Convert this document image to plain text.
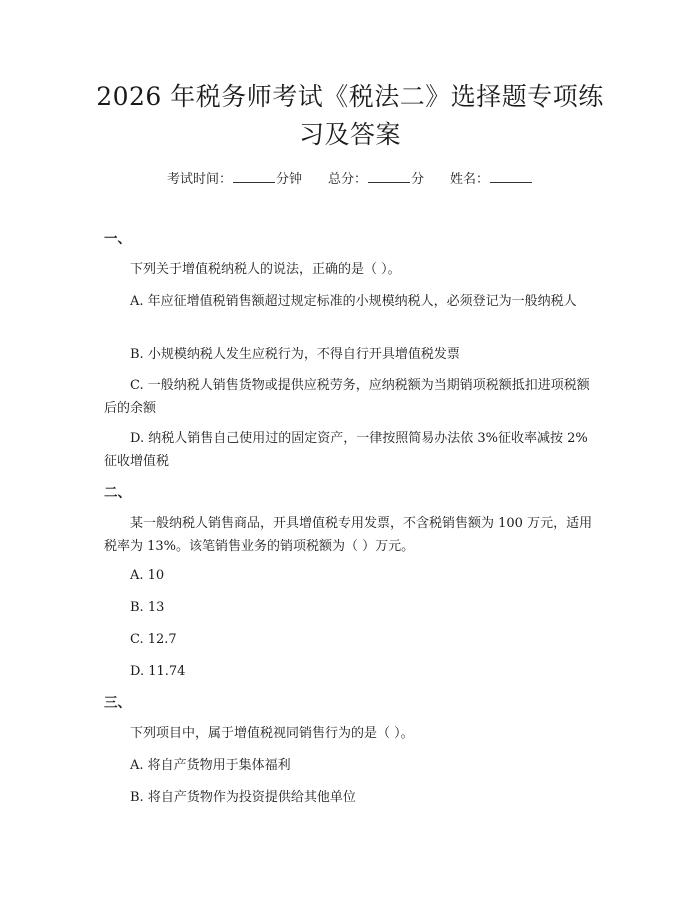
2026 年税务师考试《税法二》选择题专项练习及答案
考试时间：	分钟 总分：	分 姓名：
一、
下列关于增值税纳税人的说法，正确的是（ ）。
A. 年应征增值税销售额超过规定标准的小规模纳税人，必须登记为一般纳税人
B. 小规模纳税人发生应税行为，不得自行开具增值税发票
C. 一般纳税人销售货物或提供应税劳务，应纳税额为当期销项税额抵扣进项税额后的余额
D. 纳税人销售自己使用过的固定资产，一律按照简易办法依 3%征收率减按 2%征收增值税
二、
某一般纳税人销售商品，开具增值税专用发票，不含税销售额为 100 万元，适用税率为 13%。该笔销售业务的销项税额为（ ）万元。
A. 10
B. 13
C. 12.7
D. 11.74
三、
下列项目中，属于增值税视同销售行为的是（ ）。
A. 将自产货物用于集体福利
B. 将自产货物作为投资提供给其他单位
